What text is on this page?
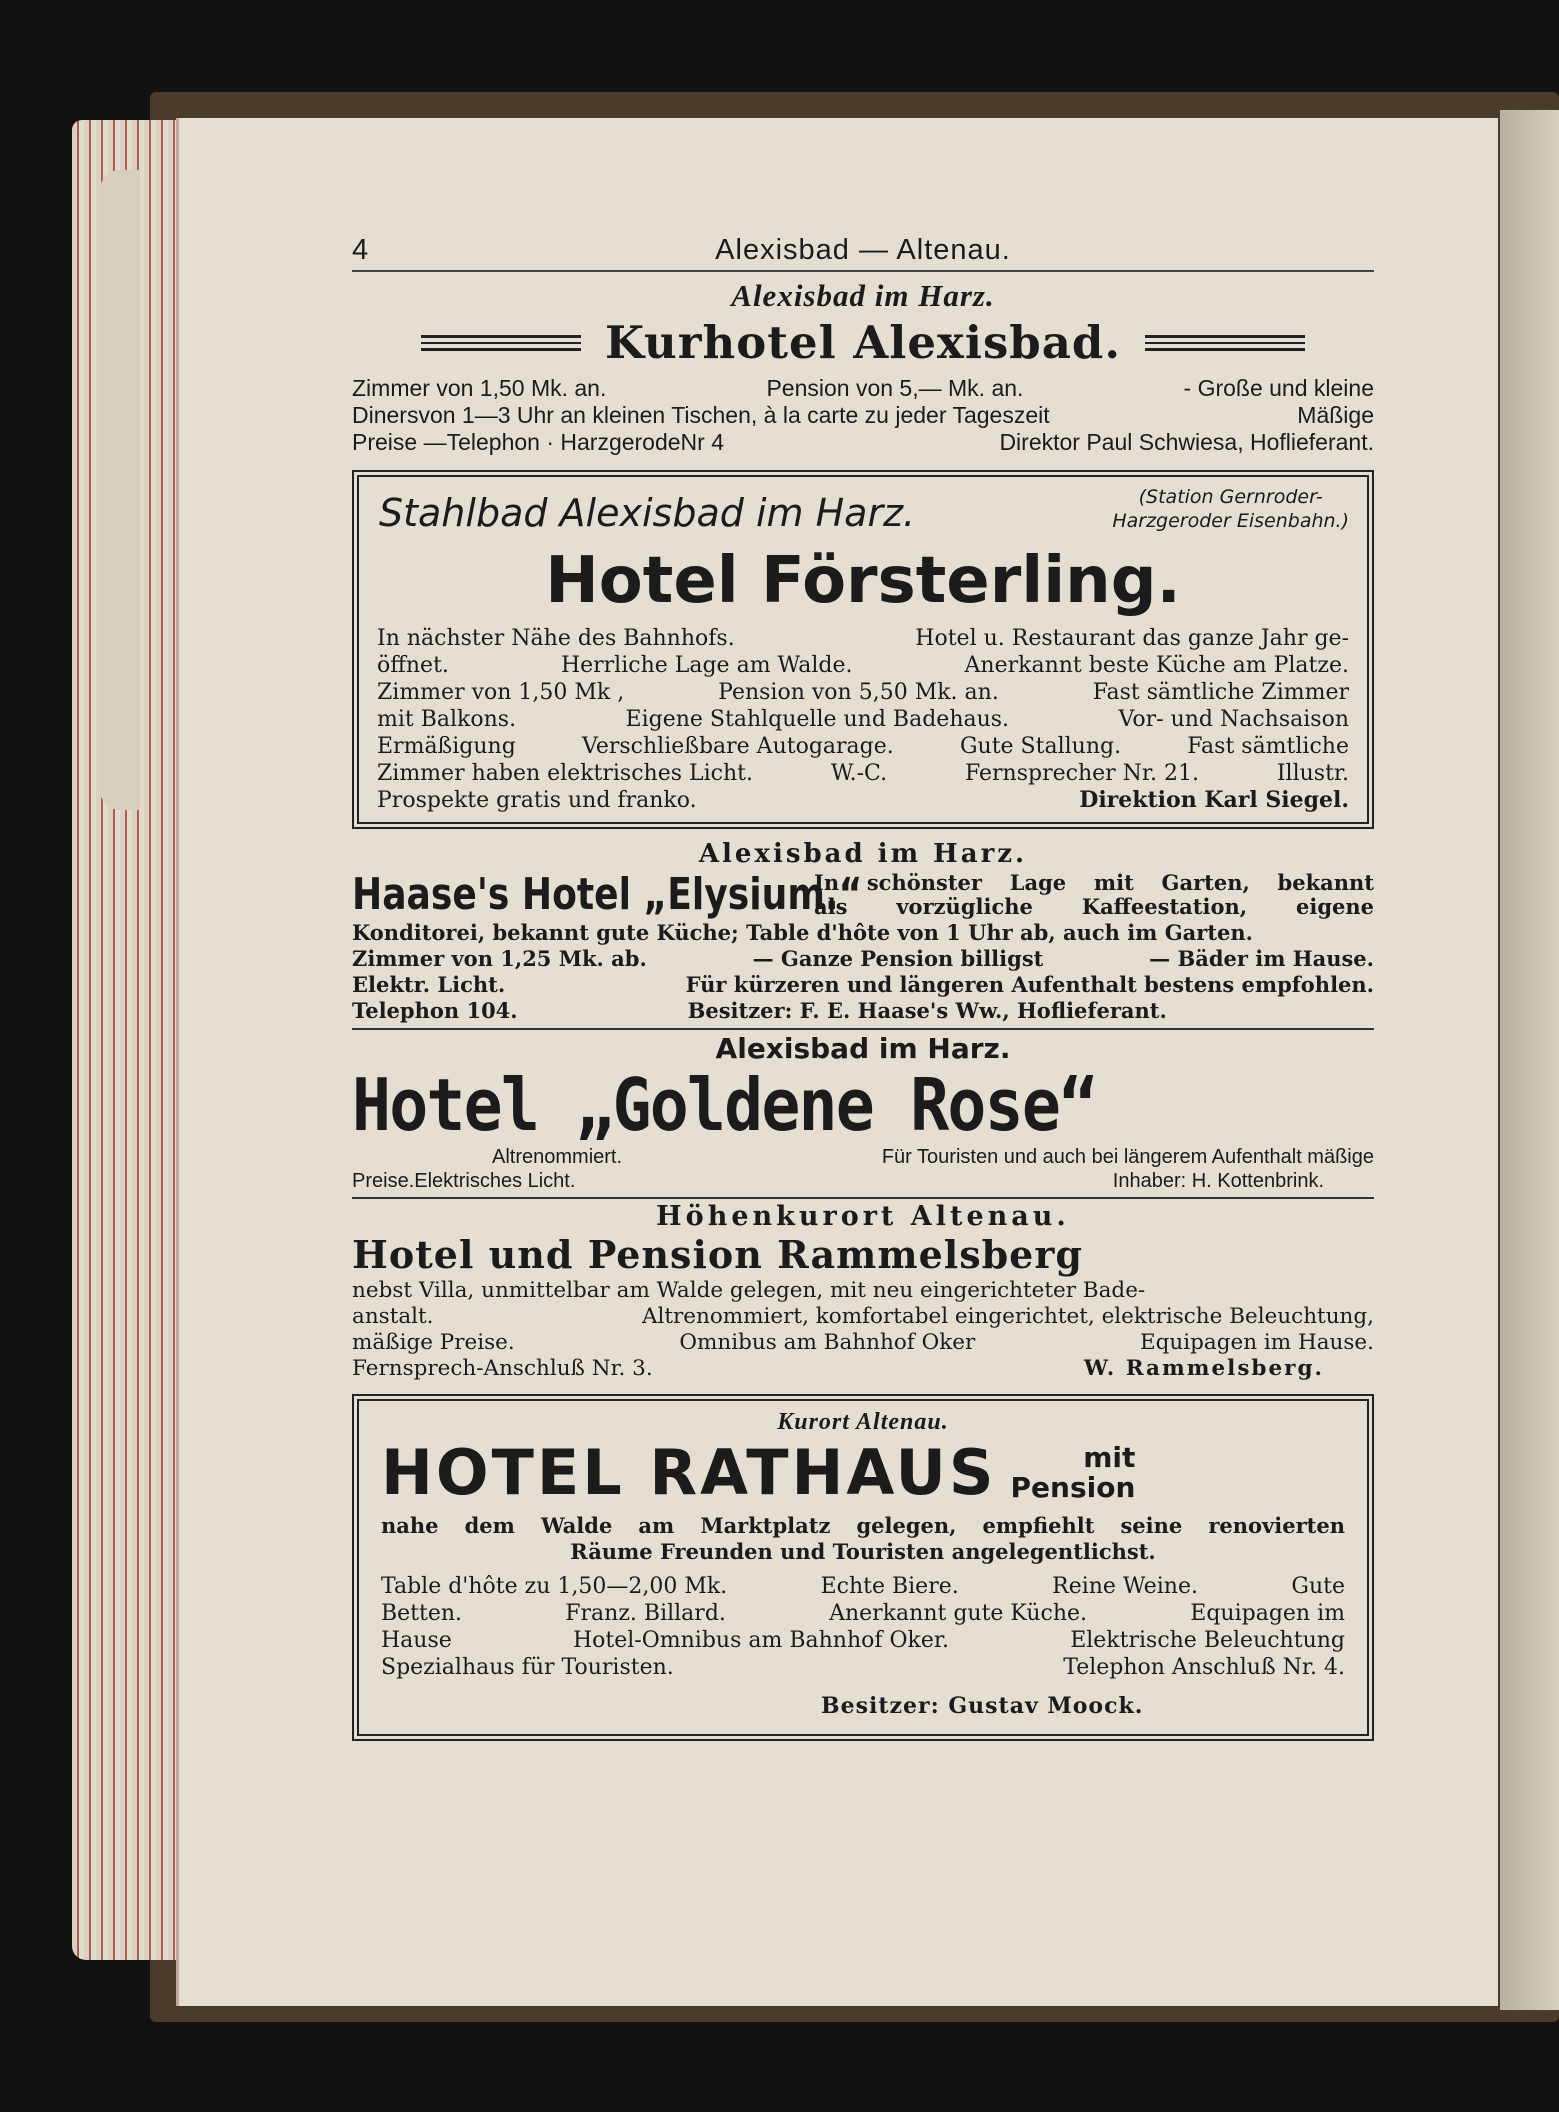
4	Alexisbad — Altenau.
Alexisbad im Harz.
Kurhotel Alexisbad.
Zimmer von 1,50 Mk. an.	Pension von 5,— Mk. an.	- Große und kleine
Dinersvon 1—3 Uhr an kleinen Tischen, à la carte zu jeder Tageszeit	Mäßige
Preise —Telephon · HarzgerodeNr 4	Direktor Paul Schwiesa, Hoflieferant.
Stahlbad Alexisbad im Harz.	(Station Gernroder-
Harzgeroder Eisenbahn.)
Hotel Försterling.
In nächster Nähe des Bahnhofs.	Hotel u. Restaurant das ganze Jahr ge-
öffnet.	Herrliche Lage am Walde.	Anerkannt beste Küche am Platze.
Zimmer von 1,50 Mk ,	Pension von 5,50 Mk. an.	Fast sämtliche Zimmer
mit Balkons.	Eigene Stahlquelle und Badehaus.	Vor- und Nachsaison
Ermäßigung	Verschließbare Autogarage.	Gute Stallung.	Fast sämtliche
Zimmer haben elektrisches Licht.	W.-C.	Fernsprecher Nr. 21.	Illustr.
Prospekte gratis und franko.	Direktion Karl Siegel.
Alexisbad im Harz.
Haase's Hotel „Elysium.“
In schönster Lage mit Garten, bekannt
als vorzügliche Kaffeestation, eigene
Konditorei, bekannt gute Küche; Table d'hôte von 1 Uhr ab, auch im Garten.
Zimmer von 1,25 Mk. ab.	— Ganze Pension billigst	— Bäder im Hause.
Elektr. Licht.	Für kürzeren und längeren Aufenthalt bestens empfohlen.
Telephon 104.	Besitzer: F. E. Haase's Ww., Hoflieferant.
Alexisbad im Harz.
Hotel „Goldene Rose“
Altrenommiert.	Für Touristen und auch bei längerem Aufenthalt mäßige
Preise. Elektrisches Licht.	Inhaber: H. Kottenbrink.
Höhenkurort Altenau.
Hotel und Pension Rammelsberg
nebst Villa, unmittelbar am Walde gelegen, mit neu eingerichteter Bade-
anstalt.	Altrenommiert, komfortabel eingerichtet, elektrische Beleuchtung,
mäßige Preise.	Omnibus am Bahnhof Oker	Equipagen im Hause.
Fernsprech-Anschluß Nr. 3.	W. Rammelsberg.
Kurort Altenau.
HOTEL RATHAUS	mit
Pension
nahe dem Walde am Marktplatz gelegen, empfiehlt seine renovierten
Räume Freunden und Touristen angelegentlichst.
Table d'hôte zu 1,50—2,00 Mk.	Echte Biere.	Reine Weine.	Gute
Betten.	Franz. Billard.	Anerkannt gute Küche.	Equipagen im
Hause	Hotel-Omnibus am Bahnhof Oker.	Elektrische Beleuchtung
Spezialhaus für Touristen.	Telephon Anschluß Nr. 4.
Besitzer: Gustav Moock.
